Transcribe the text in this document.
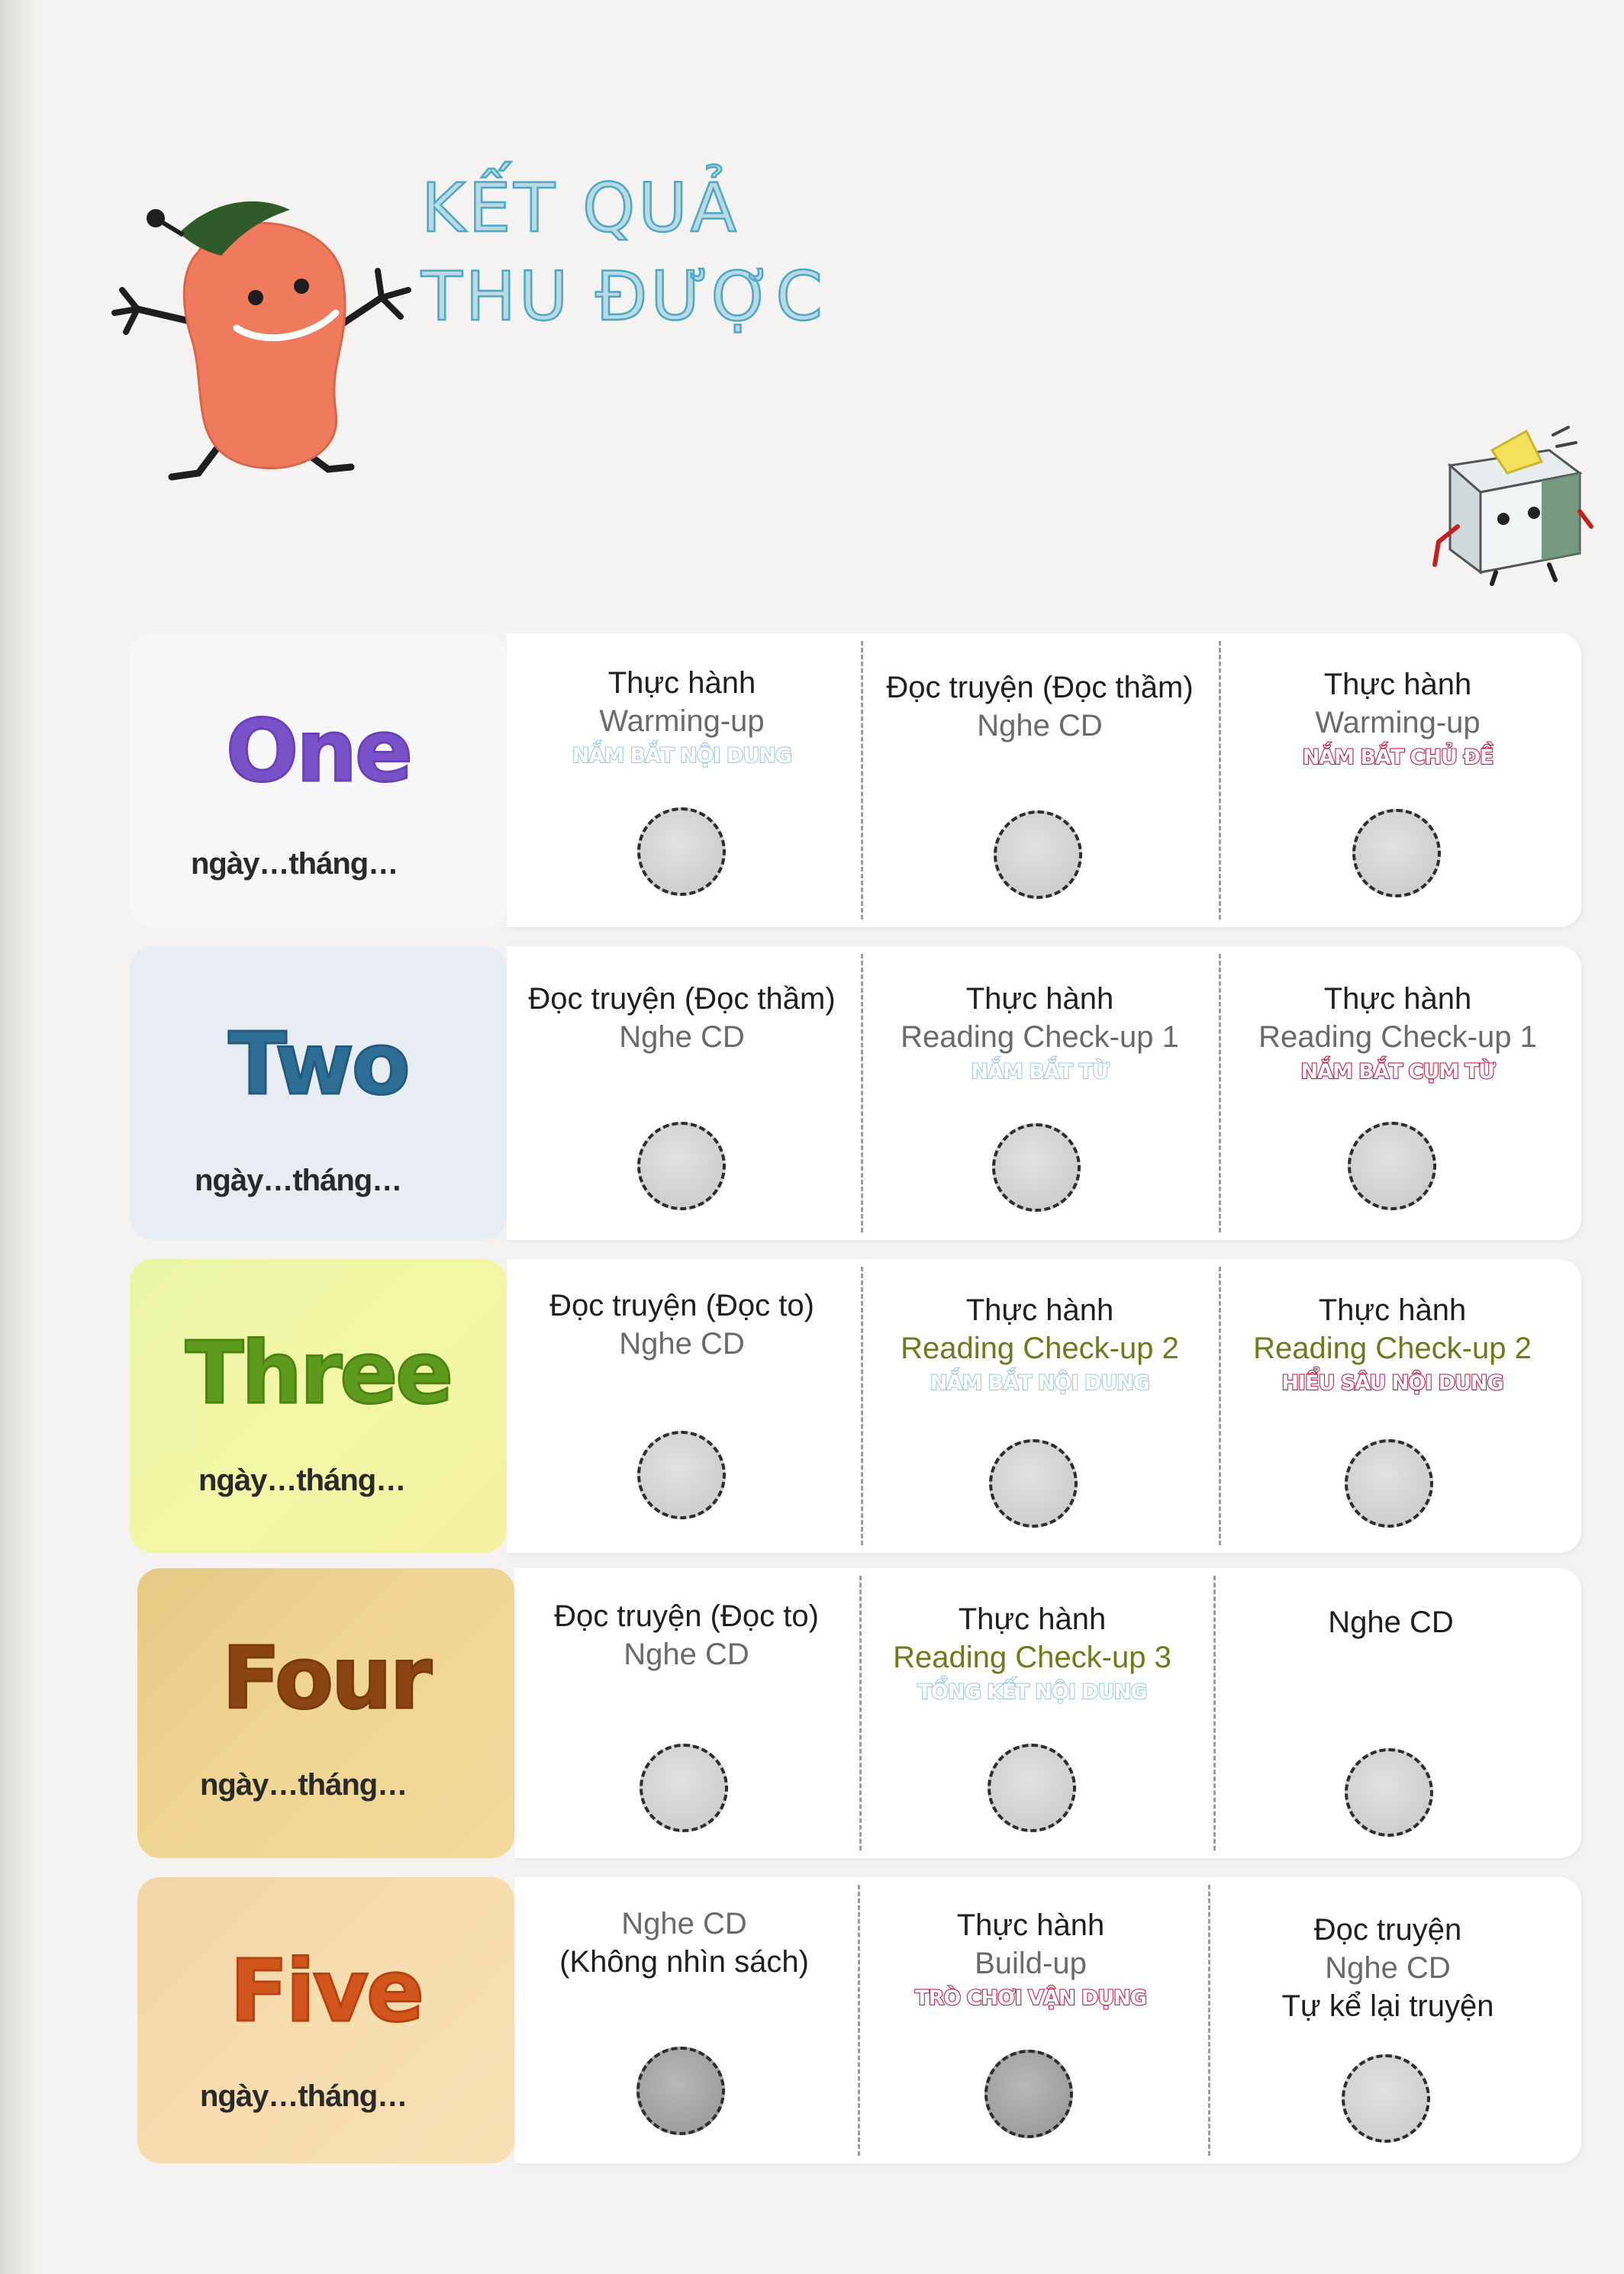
KẾT QUẢ
THU ĐƯỢC
One
ngày…tháng…
Thực hành
Warming-up
NẮM BẮT NỘI DUNG
Đọc truyện (Đọc thầm)
Nghe CD
Thực hành
Warming-up
NẮM BẮT CHỦ ĐỀ
Two
ngày…tháng…
Đọc truyện (Đọc thầm)
Nghe CD
Thực hành
Reading Check-up 1
NẮM BẮT TỪ
Thực hành
Reading Check-up 1
NẮM BẮT CỤM TỪ
Three
ngày…tháng…
Đọc truyện (Đọc to)
Nghe CD
Thực hành
Reading Check-up 2
NẮM BẮT NỘI DUNG
Thực hành
Reading Check-up 2
HIỂU SÂU NỘI DUNG
Four
ngày…tháng…
Đọc truyện (Đọc to)
Nghe CD
Thực hành
Reading Check-up 3
TỔNG KẾT NỘI DUNG
Nghe CD
Five
ngày…tháng…
Nghe CD
(Không nhìn sách)
Thực hành
Build-up
TRÒ CHƠI VẬN DỤNG
Đọc truyện
Nghe CD
Tự kể lại truyện
